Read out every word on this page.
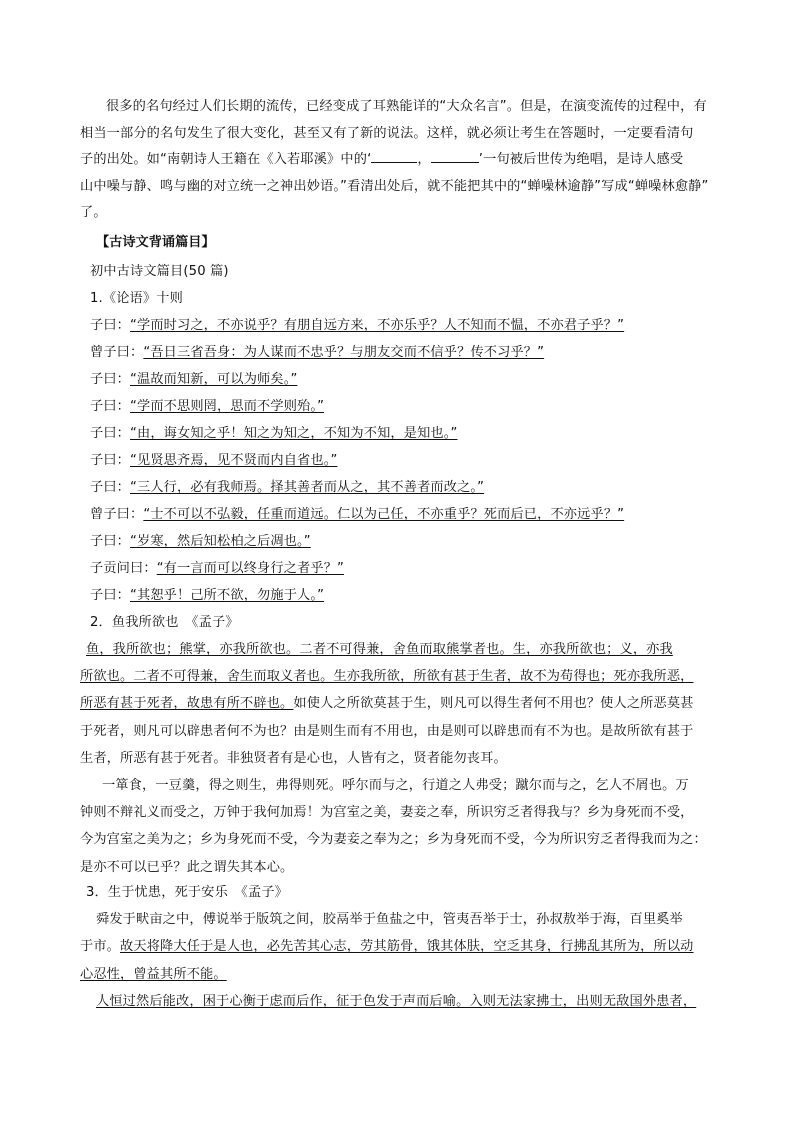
很多的名句经过人们长期的流传，已经变成了耳熟能详的“大众名言”。但是，在演变流传的过程中，有
相当一部分的名句发生了很大变化，甚至又有了新的说法。这样，就必须让考生在答题时，一定要看清句
子的出处。如“南朝诗人王籍在《入若耶溪》中的‘	，	’一句被后世传为绝唱，是诗人感受
山中噪与静、鸣与幽的对立统一之神出妙语。”看清出处后，就不能把其中的“蝉噪林逾静”写成“蝉噪林愈静”
了。
【古诗文背诵篇目】
初中古诗文篇目(50 篇)
1.《论语》十则
子曰：“学而时习之，不亦说乎？有朋自远方来，不亦乐乎？人不知而不愠，不亦君子乎？”
曾子曰：“吾日三省吾身：为人谋而不忠乎？与朋友交而不信乎？传不习乎？”
子曰：“温故而知新，可以为师矣。”
子曰：“学而不思则罔，思而不学则殆。”
子曰：“由，诲女知之乎！知之为知之，不知为不知，是知也。”
子曰：“见贤思齐焉，见不贤而内自省也。”
子曰：“三人行，必有我师焉。择其善者而从之，其不善者而改之。”
曾子曰：“士不可以不弘毅，任重而道远。仁以为己任，不亦重乎？死而后已，不亦远乎？”
子曰：“岁寒，然后知松柏之后凋也。”
子贡问曰：“有一言而可以终身行之者乎？”
子曰：“其恕乎！己所不欲，勿施于人。”
2．鱼我所欲也　《孟子》
鱼，我所欲也；熊掌，亦我所欲也。二者不可得兼，舍鱼而取熊掌者也。生，亦我所欲也；义，亦我
所欲也。二者不可得兼，舍生而取义者也。生亦我所欲，所欲有甚于生者，故不为苟得也；死亦我所恶，
所恶有甚于死者，故患有所不辟也。如使人之所欲莫甚于生，则凡可以得生者何不用也？使人之所恶莫甚
于死者，则凡可以辟患者何不为也？由是则生而有不用也，由是则可以辟患而有不为也。是故所欲有甚于
生者，所恶有甚于死者。非独贤者有是心也，人皆有之，贤者能勿丧耳。
一箪食，一豆羹，得之则生，弗得则死。呼尔而与之，行道之人弗受；蹴尔而与之，乞人不屑也。万
钟则不辩礼义而受之，万钟于我何加焉！为宫室之美，妻妾之奉，所识穷乏者得我与？乡为身死而不受，
今为宫室之美为之；乡为身死而不受，今为妻妾之奉为之；乡为身死而不受，今为所识穷乏者得我而为之：
是亦不可以已乎？此之谓失其本心。
3．生于忧患，死于安乐　《孟子》
舜发于畎亩之中，傅说举于版筑之间，胶鬲举于鱼盐之中，管夷吾举于士，孙叔敖举于海，百里奚举
于市。故天将降大任于是人也，必先苦其心志，劳其筋骨，饿其体肤，空乏其身，行拂乱其所为，所以动
心忍性，曾益其所不能。
人恒过然后能改，困于心衡于虑而后作，征于色发于声而后喻。入则无法家拂士，出则无敌国外患者，
